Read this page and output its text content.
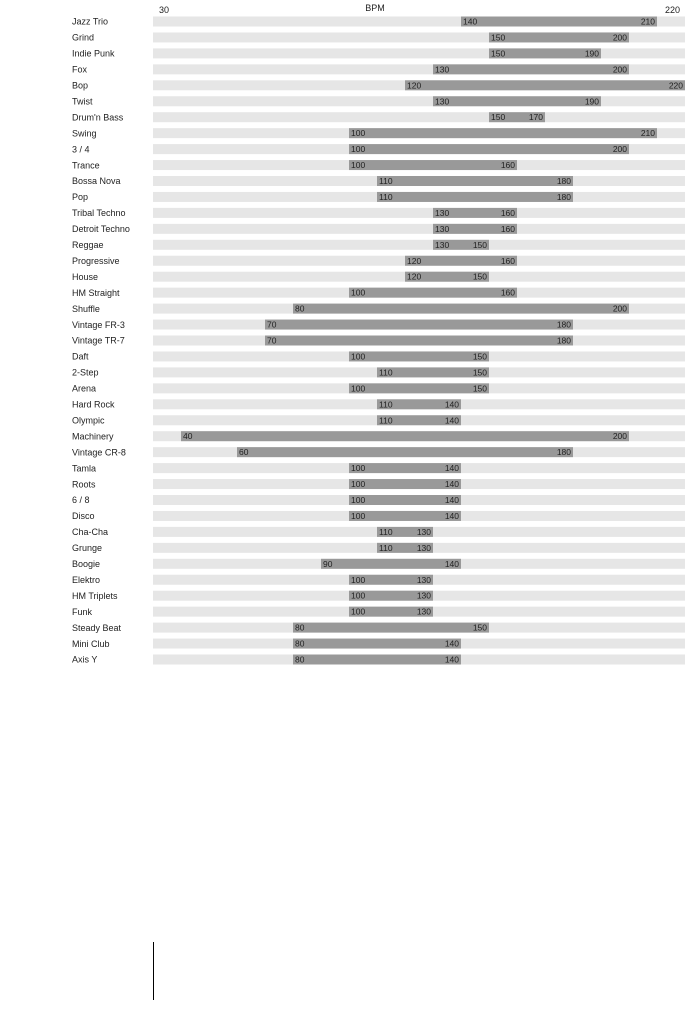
30	BPM	220
Jazz Trio	140	210
Grind	150	200
Indie Punk	150	190
Fox	130	200
Bop	120	220
Twist	130	190
Drum'n Bass	150	170
Swing	100	210
3 / 4	100	200
Trance	100	160
Bossa Nova	110	180
Pop	110	180
Tribal Techno	130	160
Detroit Techno	130	160
Reggae	130	150
Progressive	120	160
House	120	150
HM Straight	100	160
Shuffle	80	200
Vintage FR-3	70	180
Vintage TR-7	70	180
Daft	100	150
2-Step	110	150
Arena	100	150
Hard Rock	110	140
Olympic	110	140
Machinery	40	200
Vintage CR-8	60	180
Tamla	100	140
Roots	100	140
6 / 8	100	140
Disco	100	140
Cha-Cha	110	130
Grunge	110	130
Boogie	90	140
Elektro	100	130
HM Triplets	100	130
Funk	100	130
Steady Beat	80	150
Mini Club	80	140
Axis Y	80	140
